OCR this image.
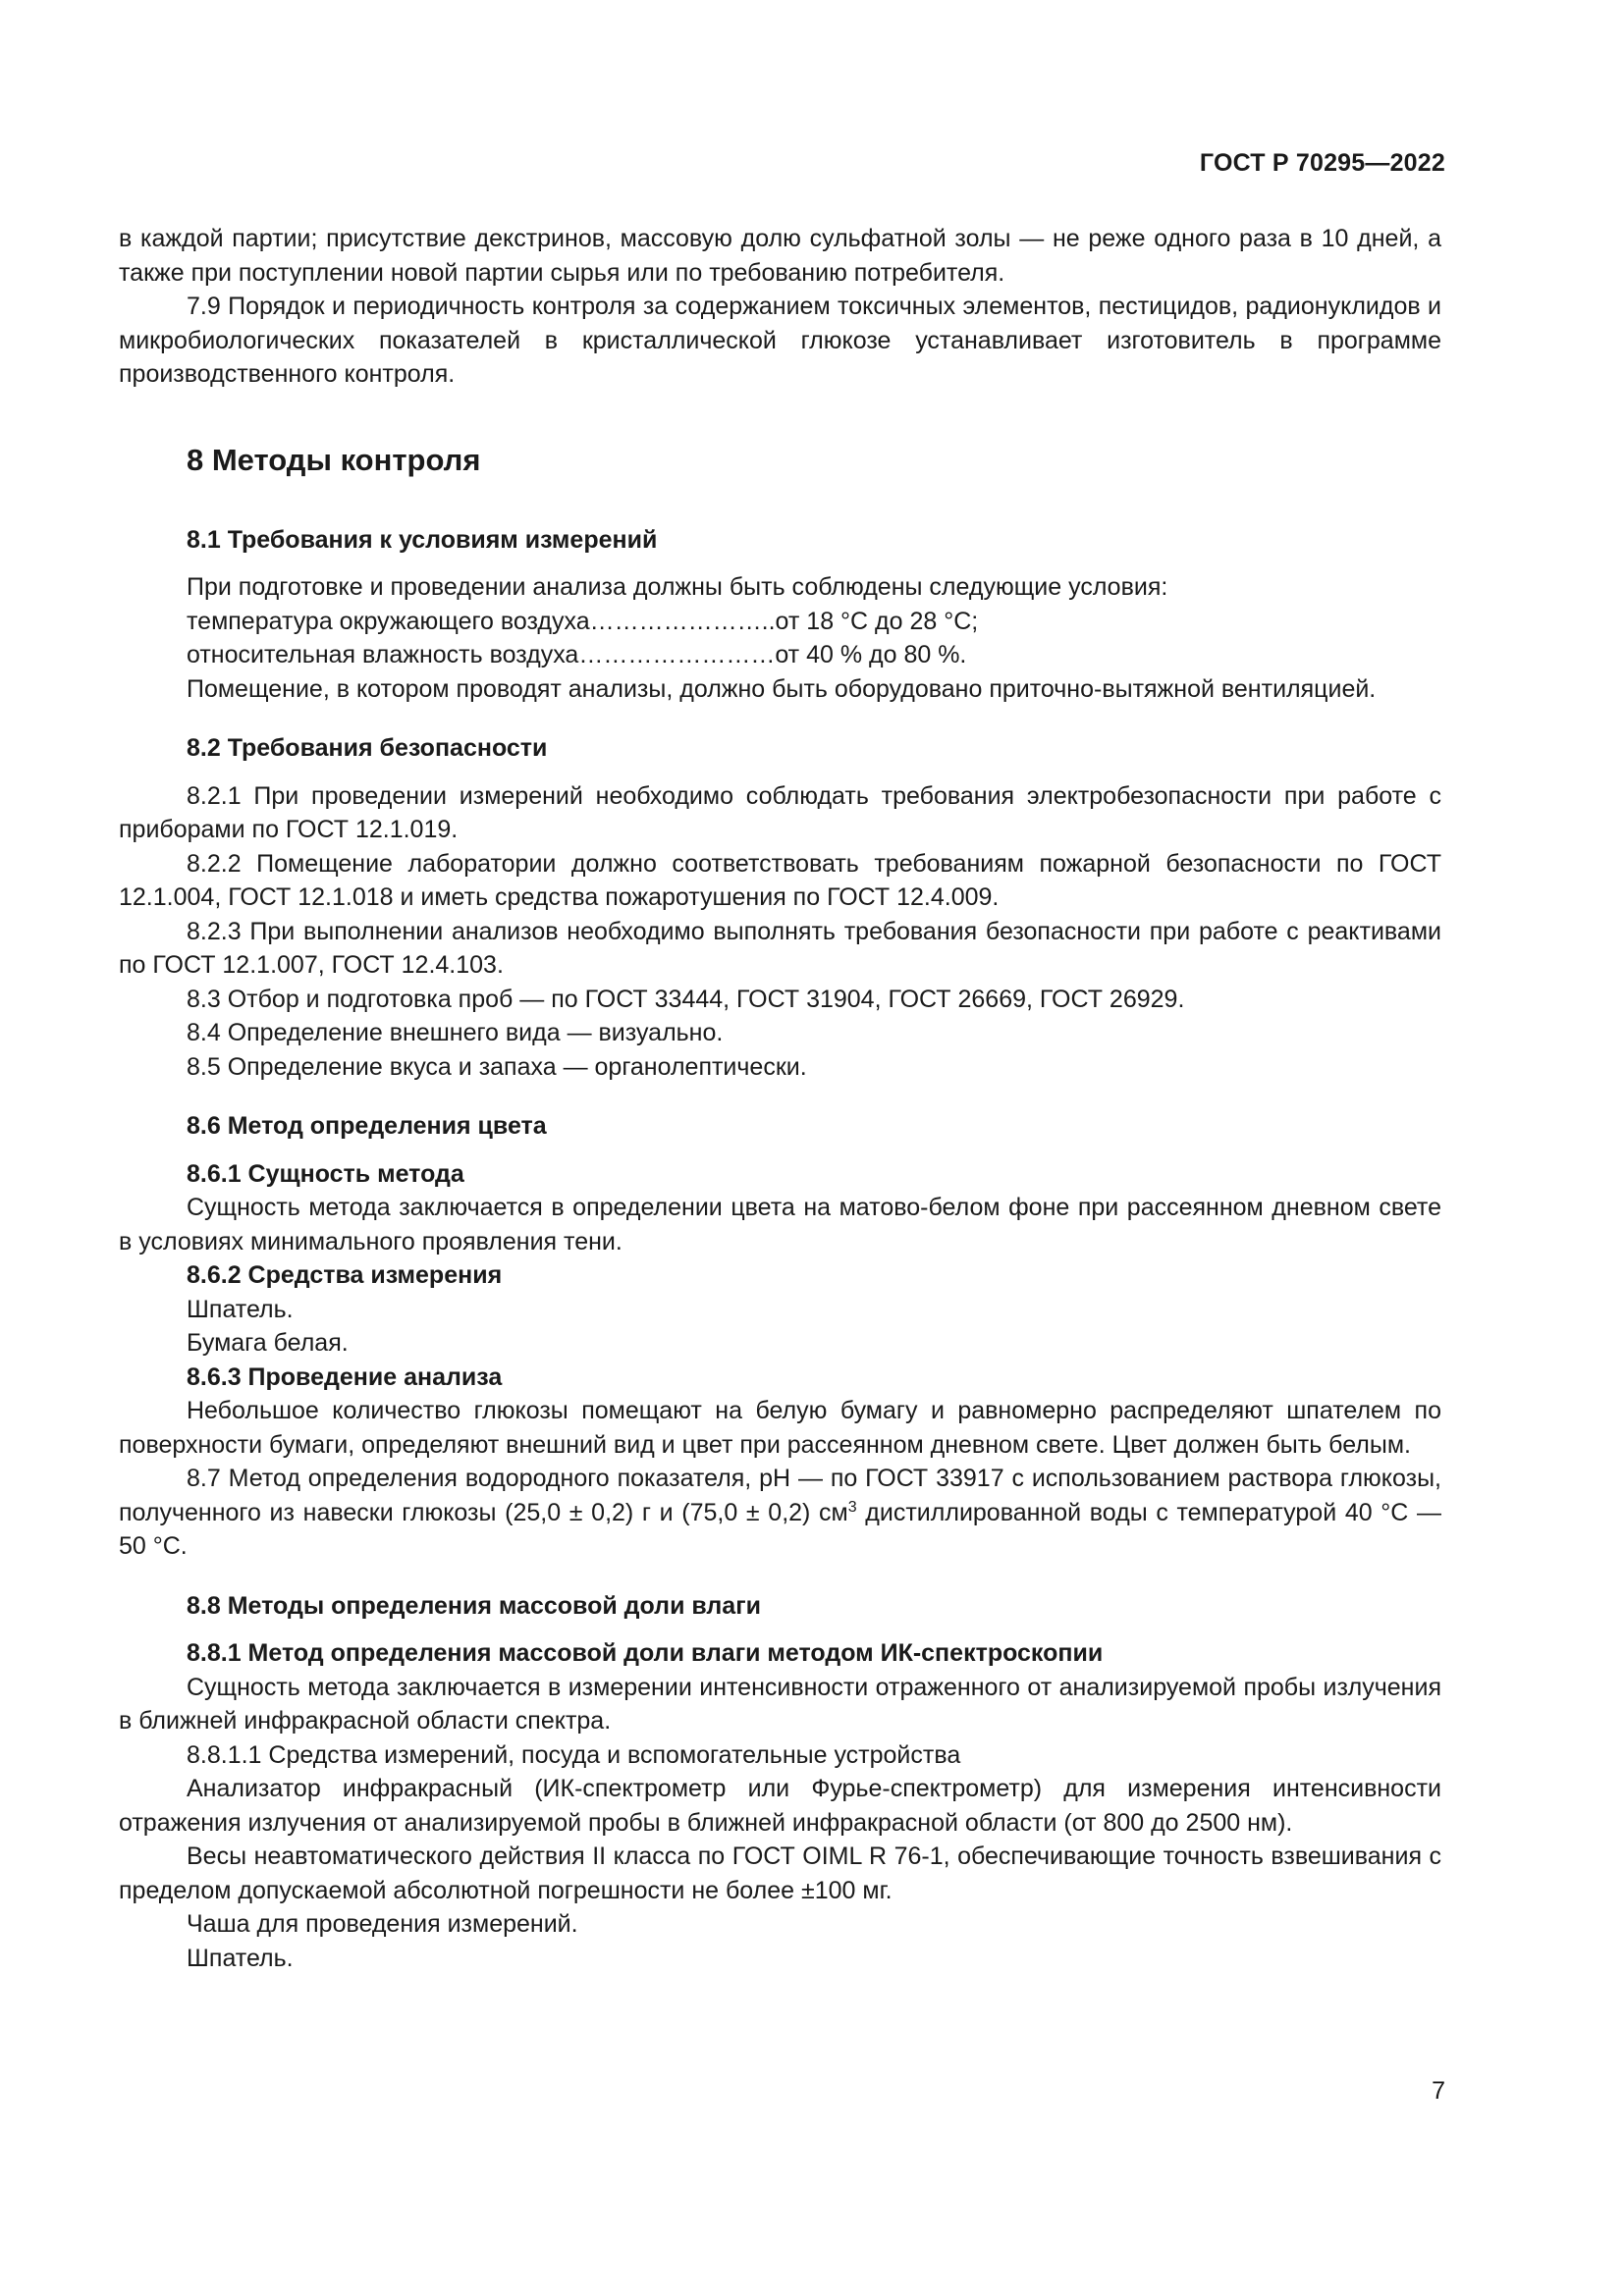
ГОСТ Р 70295—2022

в каждой партии; присутствие декстринов, массовую долю сульфатной золы — не реже одного раза в 10 дней, а также при поступлении новой партии сырья или по требованию потребителя.

7.9 Порядок и периодичность контроля за содержанием токсичных элементов, пестицидов, радионуклидов и микробиологических показателей в кристаллической глюкозе устанавливает изготовитель в программе производственного контроля.

8 Методы контроля

8.1 Требования к условиям измерений

При подготовке и проведении анализа должны быть соблюдены следующие условия:

температура окружающего воздуха…………………..от 18 °С до 28 °С;

относительная влажность воздуха……………………от 40 % до 80 %.

Помещение, в котором проводят анализы, должно быть оборудовано приточно-вытяжной вентиляцией.

8.2 Требования безопасности

8.2.1 При проведении измерений необходимо соблюдать требования электробезопасности при работе с приборами по ГОСТ 12.1.019.

8.2.2 Помещение лаборатории должно соответствовать требованиям пожарной безопасности по ГОСТ 12.1.004, ГОСТ 12.1.018 и иметь средства пожаротушения по ГОСТ 12.4.009.

8.2.3 При выполнении анализов необходимо выполнять требования безопасности при работе с реактивами по ГОСТ 12.1.007, ГОСТ 12.4.103.

8.3 Отбор и подготовка проб — по ГОСТ 33444, ГОСТ 31904, ГОСТ 26669, ГОСТ 26929.

8.4 Определение внешнего вида — визуально.

8.5 Определение вкуса и запаха — органолептически.

8.6 Метод определения цвета

8.6.1 Сущность метода

Сущность метода заключается в определении цвета на матово-белом фоне при рассеянном дневном свете в условиях минимального проявления тени.

8.6.2 Средства измерения

Шпатель.

Бумага белая.

8.6.3 Проведение анализа

Небольшое количество глюкозы помещают на белую бумагу и равномерно распределяют шпателем по поверхности бумаги, определяют внешний вид и цвет при рассеянном дневном свете. Цвет должен быть белым.

8.7 Метод определения водородного показателя, pH — по ГОСТ 33917 с использованием раствора глюкозы, полученного из навески глюкозы (25,0 ± 0,2) г и (75,0 ± 0,2) $см^3$ дистиллированной воды с температурой 40 °С — 50 °С.

8.8 Методы определения массовой доли влаги

8.8.1 Метод определения массовой доли влаги методом ИК-спектроскопии

Сущность метода заключается в измерении интенсивности отраженного от анализируемой пробы излучения в ближней инфракрасной области спектра.

8.8.1.1 Средства измерений, посуда и вспомогательные устройства

Анализатор инфракрасный (ИК-спектрометр или Фурье-спектрометр) для измерения интенсивности отражения излучения от анализируемой пробы в ближней инфракрасной области (от 800 до 2500 нм).

Весы неавтоматического действия II класса по ГОСТ OIML R 76-1, обеспечивающие точность взвешивания с пределом допускаемой абсолютной погрешности не более ±100 мг.

Чаша для проведения измерений.

Шпатель.

7
